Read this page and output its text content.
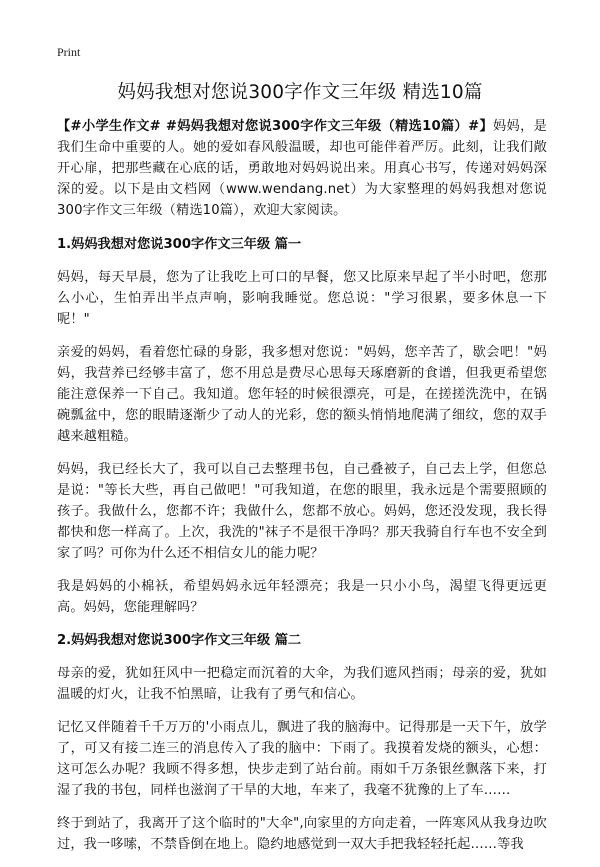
Print
妈妈我想对您说300字作文三年级 精选10篇

【#小学生作文# #妈妈我想对您说300字作文三年级（精选10篇）#】妈妈，是我们生命中重要的人。她的爱如春风般温暖，却也可能伴着严厉。此刻，让我们敞开心扉，把那些藏在心底的话，勇敢地对妈妈说出来。用真心书写，传递对妈妈深深的爱。以下是由文档网（www.wendang.net）为大家整理的妈妈我想对您说300字作文三年级（精选10篇），欢迎大家阅读。

1.妈妈我想对您说300字作文三年级 篇一

妈妈，每天早晨，您为了让我吃上可口的早餐，您又比原来早起了半小时吧，您那么小心，生怕弄出半点声响，影响我睡觉。您总说："学习很累，要多休息一下呢！"

亲爱的妈妈，看着您忙碌的身影，我多想对您说："妈妈，您辛苦了，歇会吧！"妈妈，我营养已经够丰富了，您不用总是费尽心思每天琢磨新的食谱，但我更希望您能注意保养一下自己。我知道。您年轻的时候很漂亮，可是，在搓搓洗洗中，在锅碗瓢盆中，您的眼睛逐渐少了动人的光彩，您的额头悄悄地爬满了细纹，您的双手越来越粗糙。

妈妈，我已经长大了，我可以自己去整理书包，自己叠被子，自己去上学，但您总是说："等长大些，再自己做吧！"可我知道，在您的眼里，我永远是个需要照顾的孩子。我做什么，您都不许；我做什么，您都不放心。妈妈，您还没发现，我长得都快和您一样高了。上次，我洗的"袜子不是很干净吗？那天我骑自行车也不安全到家了吗？可你为什么还不相信女儿的能力呢？

我是妈妈的小棉袄，希望妈妈永远年轻漂亮；我是一只小小鸟，渴望飞得更远更高。妈妈，您能理解吗？

2.妈妈我想对您说300字作文三年级 篇二

母亲的爱，犹如狂风中一把稳定而沉着的大伞，为我们遮风挡雨；母亲的爱，犹如温暖的灯火，让我不怕黑暗，让我有了勇气和信心。

记忆又伴随着千千万万的'小雨点儿，飘进了我的脑海中。记得那是一天下午，放学了，可又有接二连三的消息传入了我的脑中：下雨了。我摸着发烧的额头，心想：这可怎么办呢？我顾不得多想，快步走到了站台前。雨如千万条银丝飘落下来，打湿了我的书包，同样也滋润了干旱的大地，车来了，我毫不犹豫的上了车……

终于到站了，我离开了这个临时的"大伞",向家里的方向走着，一阵寒风从我身边吹过，我一哆嗦，不禁昏倒在地上。隐约地感觉到一双大手把我轻轻托起……等我
